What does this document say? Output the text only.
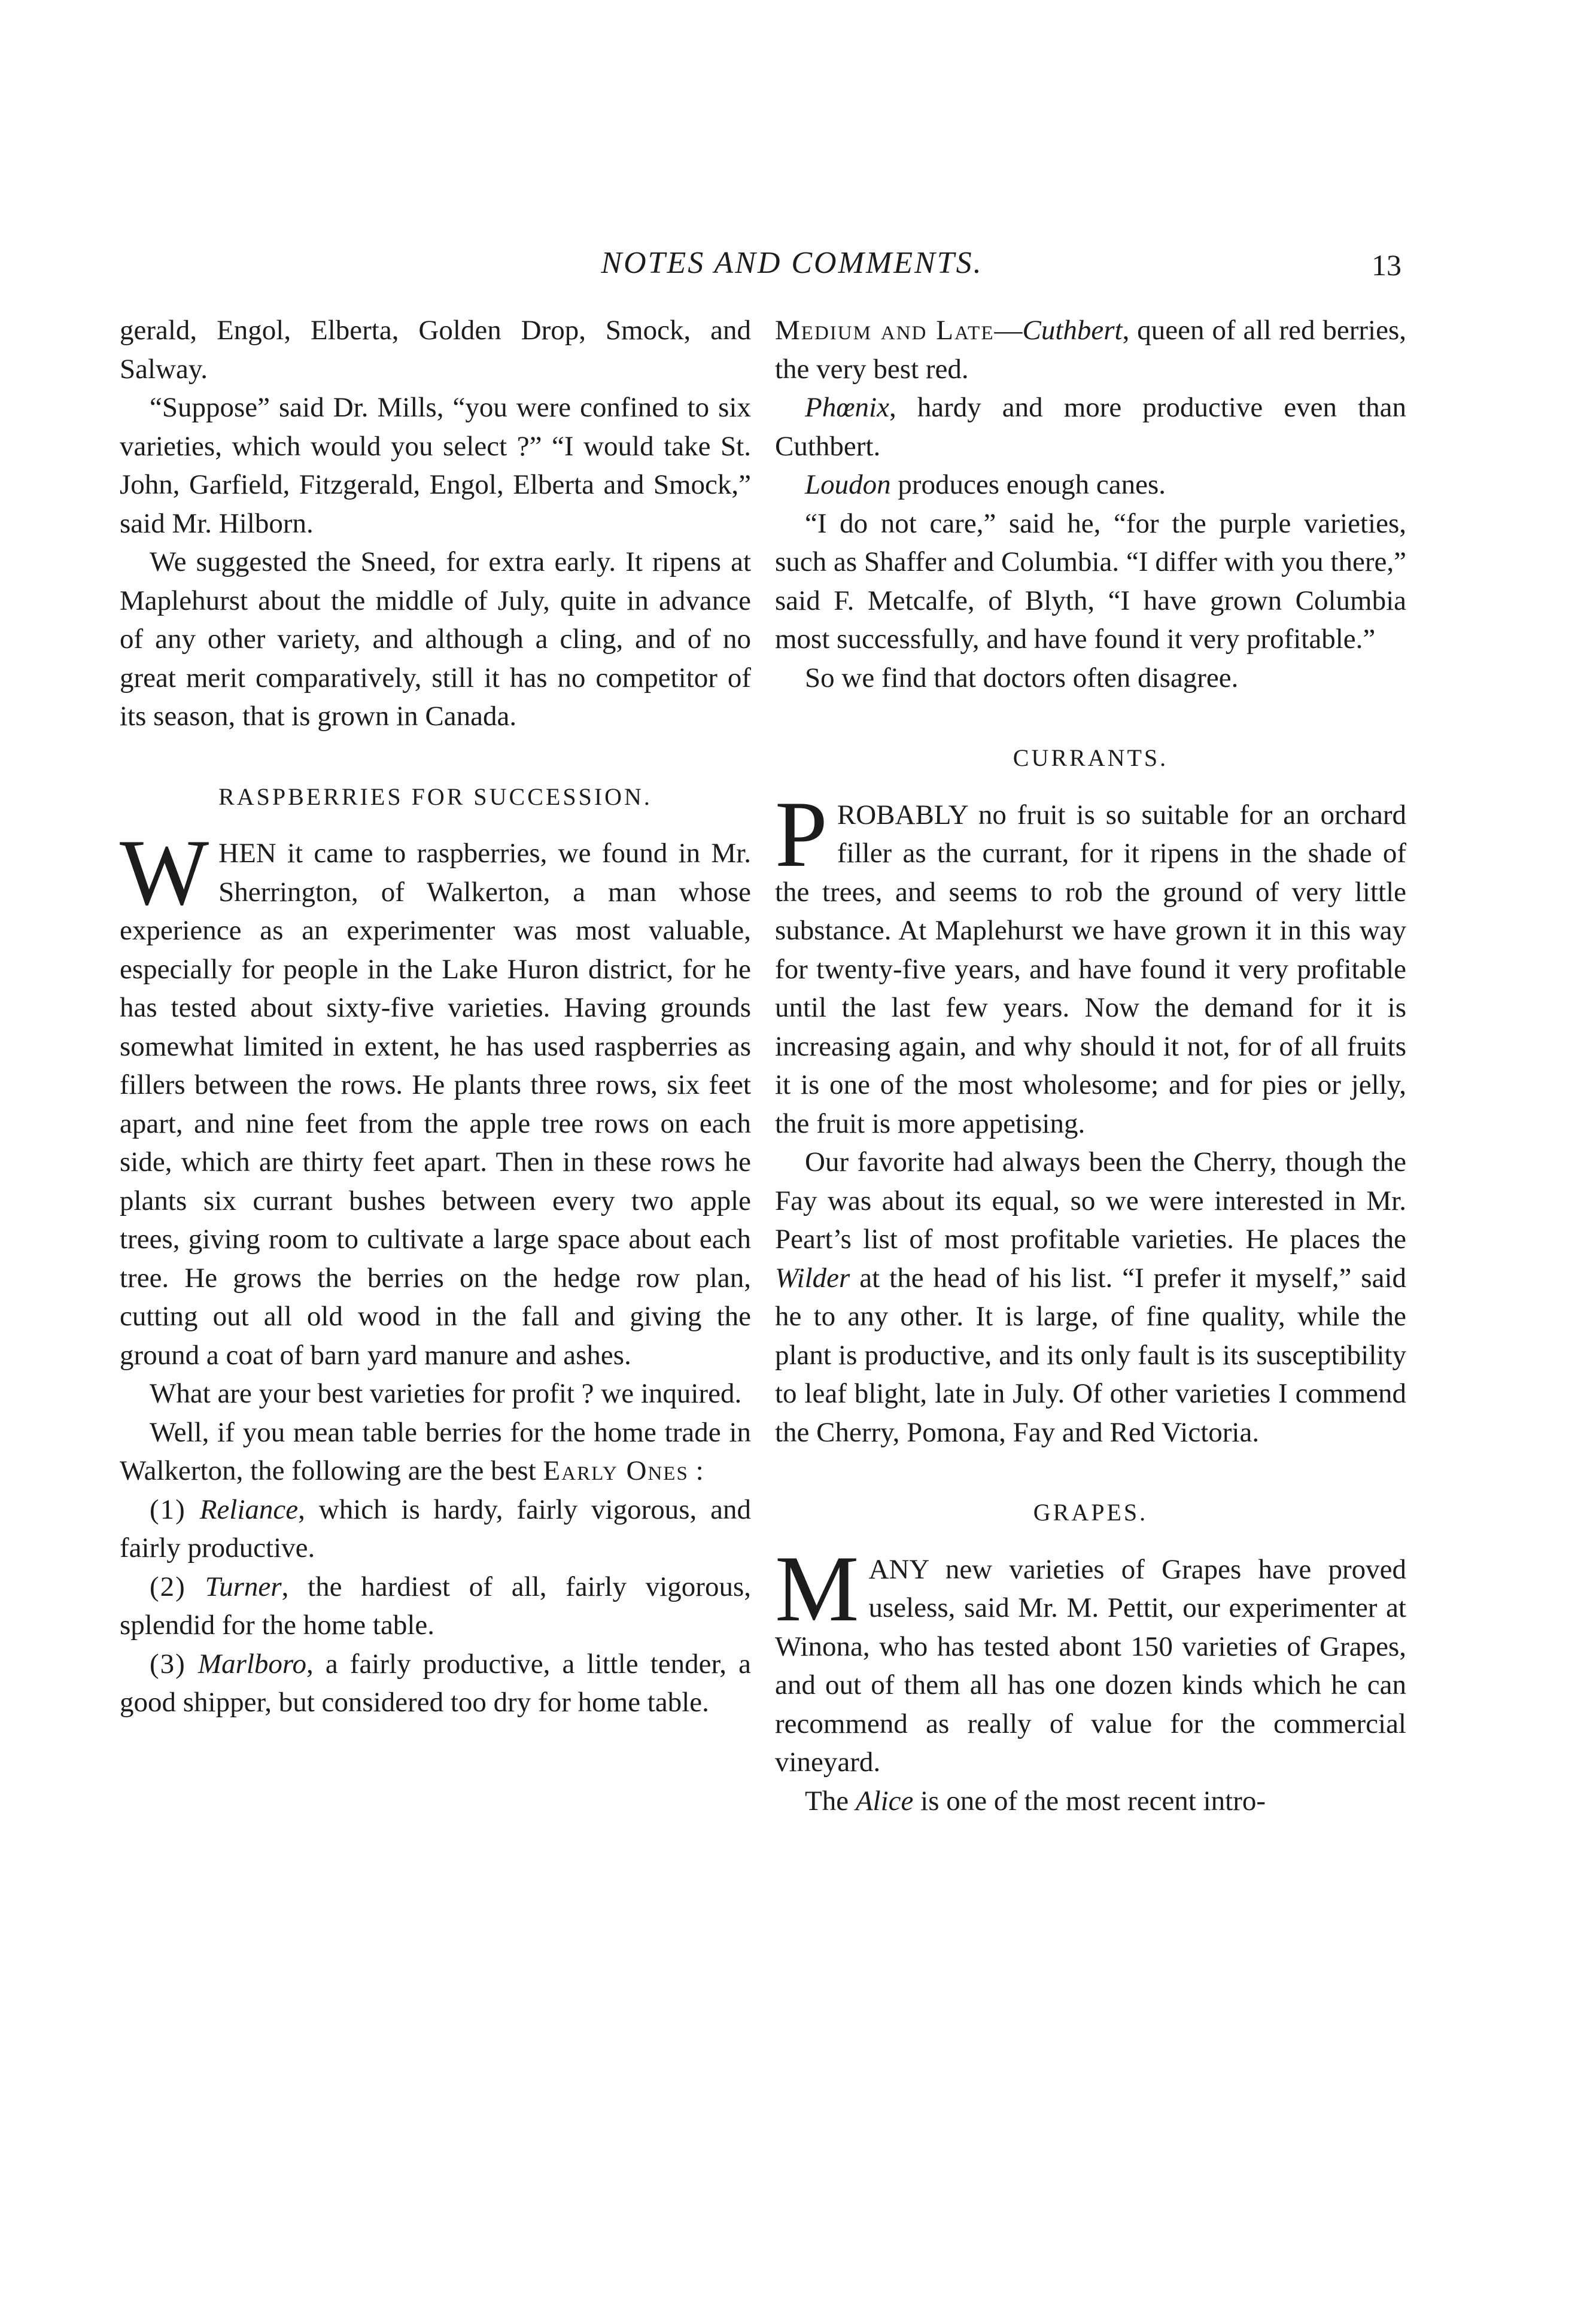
NOTES AND COMMENTS.	13

gerald, Engol, Elberta, Golden Drop, Smock, and Salway.

“Suppose” said Dr. Mills, “you were confined to six varieties, which would you select ?” “I would take St. John, Garfield, Fitzgerald, Engol, Elberta and Smock,” said Mr. Hilborn.

We suggested the Sneed, for extra early. It ripens at Maplehurst about the middle of July, quite in advance of any other variety, and although a cling, and of no great merit comparatively, still it has no competitor of its season, that is grown in Canada.

RASPBERRIES FOR SUCCESSION.

WHEN it came to raspberries, we found in Mr. Sherrington, of Walkerton, a man whose experience as an experimenter was most valuable, especially for people in the Lake Huron district, for he has tested about sixty-five varieties. Having grounds somewhat limited in extent, he has used raspberries as fillers between the rows. He plants three rows, six feet apart, and nine feet from the apple tree rows on each side, which are thirty feet apart. Then in these rows he plants six currant bushes between every two apple trees, giving room to cultivate a large space about each tree. He grows the berries on the hedge row plan, cutting out all old wood in the fall and giving the ground a coat of barn yard manure and ashes.

What are your best varieties for profit ? we inquired.

Well, if you mean table berries for the home trade in Walkerton, the following are the best Early Ones :

(1) Reliance, which is hardy, fairly vigorous, and fairly productive.

(2) Turner, the hardiest of all, fairly vigorous, splendid for the home table.

(3) Marlboro, a fairly productive, a little tender, a good shipper, but considered too dry for home table.

Medium and Late—Cuthbert, queen of all red berries, the very best red.

Phœnix, hardy and more productive even than Cuthbert.

Loudon produces enough canes.

“I do not care,” said he, “for the purple varieties, such as Shaffer and Columbia. “I differ with you there,” said F. Metcalfe, of Blyth, “I have grown Columbia most successfully, and have found it very profitable.”

So we find that doctors often disagree.

CURRANTS.

PROBABLY no fruit is so suitable for an orchard filler as the currant, for it ripens in the shade of the trees, and seems to rob the ground of very little substance. At Maplehurst we have grown it in this way for twenty-five years, and have found it very profitable until the last few years. Now the demand for it is increasing again, and why should it not, for of all fruits it is one of the most wholesome; and for pies or jelly, the fruit is more appetising.

Our favorite had always been the Cherry, though the Fay was about its equal, so we were interested in Mr. Peart’s list of most profitable varieties. He places the Wilder at the head of his list. “I prefer it myself,” said he to any other. It is large, of fine quality, while the plant is productive, and its only fault is its susceptibility to leaf blight, late in July. Of other varieties I commend the Cherry, Pomona, Fay and Red Victoria.

GRAPES.

MANY new varieties of Grapes have proved useless, said Mr. M. Pettit, our experimenter at Winona, who has tested abont 150 varieties of Grapes, and out of them all has one dozen kinds which he can recommend as really of value for the commercial vineyard.

The Alice is one of the most recent intro-
